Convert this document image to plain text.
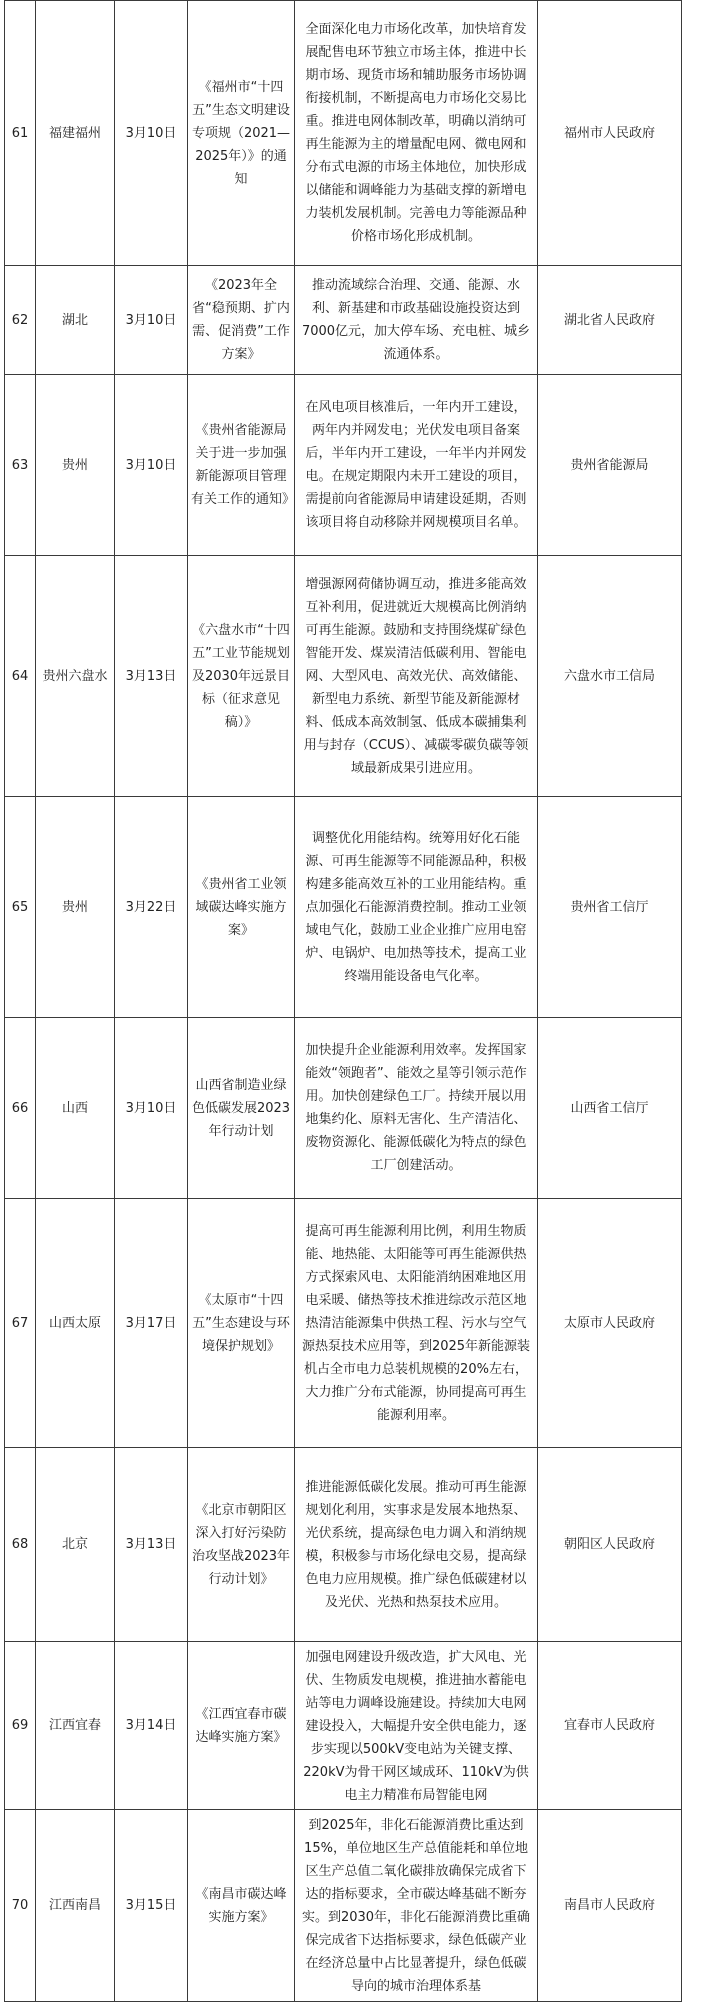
61	福建福州	3月10日	《福州市“十四五”生态文明建设专项规（2021—2025年）》的通知	全面深化电力市场化改革，加快培育发展配售电环节独立市场主体，推进中长期市场、现货市场和辅助服务市场协调衔接机制，不断提高电力市场化交易比重。推进电网体制改革，明确以消纳可再生能源为主的增量配电网、微电网和分布式电源的市场主体地位，加快形成以储能和调峰能力为基础支撑的新增电力装机发展机制。完善电力等能源品种价格市场化形成机制。	福州市人民政府
62	湖北	3月10日	《2023年全省“稳预期、扩内需、促消费”工作方案》	推动流域综合治理、交通、能源、水利、新基建和市政基础设施投资达到7000亿元，加大停车场、充电桩、城乡流通体系。	湖北省人民政府
63	贵州	3月10日	《贵州省能源局关于进一步加强新能源项目管理有关工作的通知》	在风电项目核准后，一年内开工建设，两年内并网发电；光伏发电项目备案后，半年内开工建设，一年半内并网发电。在规定期限内未开工建设的项目，需提前向省能源局申请建设延期，否则该项目将自动移除并网规模项目名单。	贵州省能源局
64	贵州六盘水	3月13日	《六盘水市“十四五”工业节能规划及2030年远景目标（征求意见稿）》	增强源网荷储协调互动，推进多能高效互补利用，促进就近大规模高比例消纳可再生能源。鼓励和支持围绕煤矿绿色智能开发、煤炭清洁低碳利用、智能电网、大型风电、高效光伏、高效储能、新型电力系统、新型节能及新能源材料、低成本高效制氢、低成本碳捕集利用与封存（CCUS）、减碳零碳负碳等领域最新成果引进应用。	六盘水市工信局
65	贵州	3月22日	《贵州省工业领域碳达峰实施方案》	调整优化用能结构。统筹用好化石能源、可再生能源等不同能源品种，积极构建多能高效互补的工业用能结构。重点加强化石能源消费控制。推动工业领域电气化，鼓励工业企业推广应用电窑炉、电锅炉、电加热等技术，提高工业终端用能设备电气化率。	贵州省工信厅
66	山西	3月10日	山西省制造业绿色低碳发展2023年行动计划	加快提升企业能源利用效率。发挥国家能效“领跑者”、能效之星等引领示范作用。加快创建绿色工厂。持续开展以用地集约化、原料无害化、生产清洁化、废物资源化、能源低碳化为特点的绿色工厂创建活动。	山西省工信厅
67	山西太原	3月17日	《太原市“十四五”生态建设与环境保护规划》	提高可再生能源利用比例，利用生物质能、地热能、太阳能等可再生能源供热方式探索风电、太阳能消纳困难地区用电采暖、储热等技术推进综改示范区地热清洁能源集中供热工程、污水与空气源热泵技术应用等，到2025年新能源装机占全市电力总装机规模的20%左右，大力推广分布式能源，协同提高可再生能源利用率。	太原市人民政府
68	北京	3月13日	《北京市朝阳区深入打好污染防治攻坚战2023年行动计划》	推进能源低碳化发展。推动可再生能源规划化利用，实事求是发展本地热泵、光伏系统，提高绿色电力调入和消纳规模，积极参与市场化绿电交易，提高绿色电力应用规模。推广绿色低碳建材以及光伏、光热和热泵技术应用。	朝阳区人民政府
69	江西宜春	3月14日	《江西宜春市碳达峰实施方案》	加强电网建设升级改造，扩大风电、光伏、生物质发电规模，推进抽水蓄能电站等电力调峰设施建设。持续加大电网建设投入，大幅提升安全供电能力，逐步实现以500kV变电站为关键支撑、220kV为骨干网区域成环、110kV为供电主力精准布局智能电网	宜春市人民政府
70	江西南昌	3月15日	《南昌市碳达峰实施方案》	到2025年，非化石能源消费比重达到15%，单位地区生产总值能耗和单位地区生产总值二氧化碳排放确保完成省下达的指标要求，全市碳达峰基础不断夯实。到2030年，非化石能源消费比重确保完成省下达指标要求，绿色低碳产业在经济总量中占比显著提升，绿色低碳导向的城市治理体系基	南昌市人民政府
